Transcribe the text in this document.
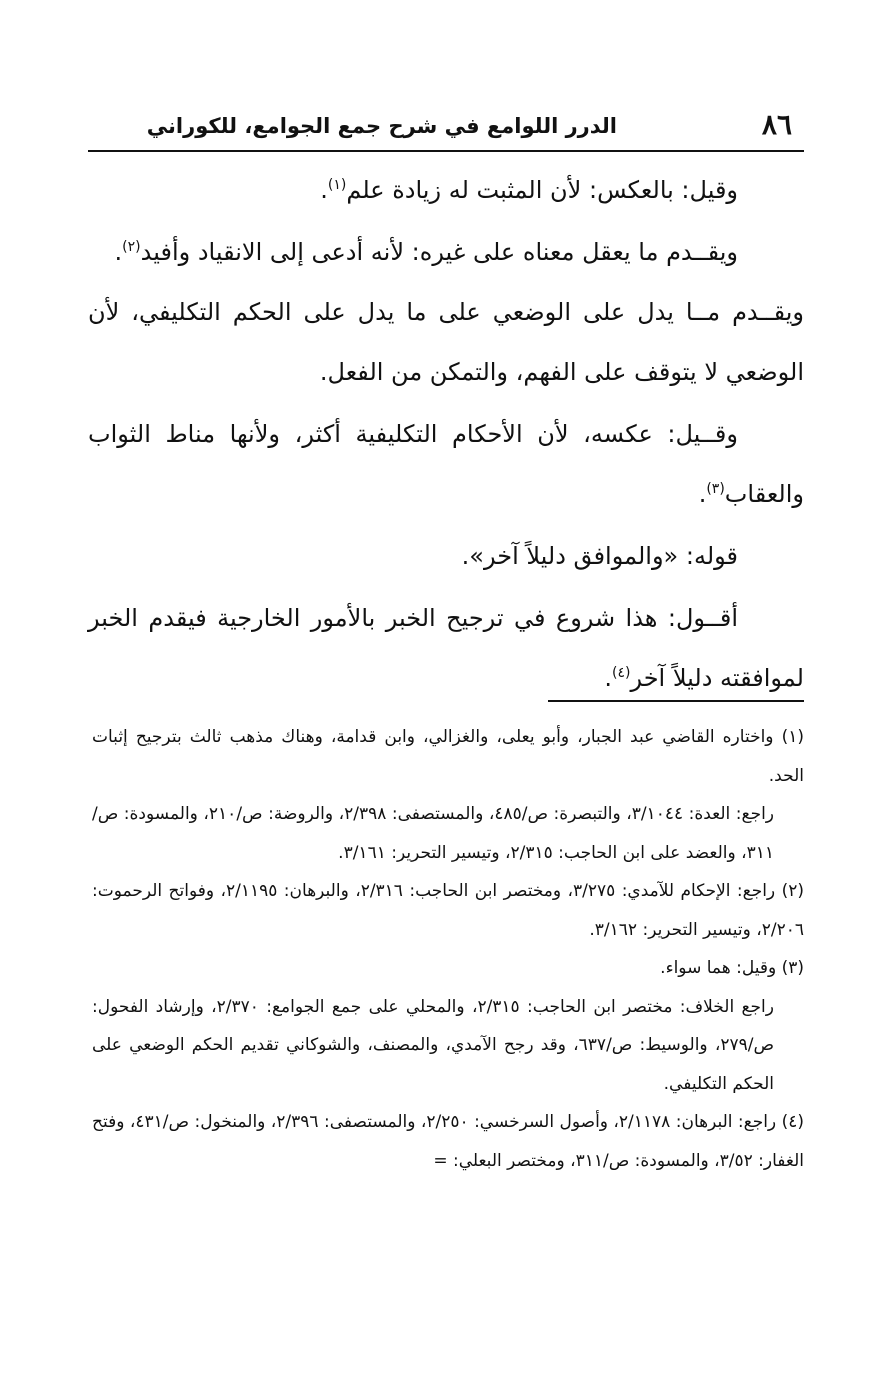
٨٦
الدرر اللوامع في شرح جمع الجوامع، للكوراني

وقيل: بالعكس: لأن المثبت له زيادة علم$^{(١)}$.

ويقــدم ما يعقل معناه على غيره: لأنه أدعى إلى الانقياد وأفيد$^{(٢)}$.

ويقــدم مــا يدل على الوضعي على ما يدل على الحكم التكليفي، لأن الوضعي لا يتوقف على الفهم، والتمكن من الفعل.

وقــيل: عكسه، لأن الأحكام التكليفية أكثر، ولأنها مناط الثواب والعقاب$^{(٣)}$.

قوله: «والموافق دليلاً آخر».

أقــول: هذا شروع في ترجيح الخبر بالأمور الخارجية فيقدم الخبر لموافقته دليلاً آخر$^{(٤)}$.

(١) واختاره القاضي عبد الجبار، وأبو يعلى، والغزالي، وابن قدامة، وهناك مذهب ثالث بترجيح إثبات الحد.

راجع: العدة: ٣/١٠٤٤، والتبصرة: ص/٤٨٥، والمستصفى: ٢/٣٩٨، والروضة: ص/٢١٠، والمسودة: ص/٣١١، والعضد على ابن الحاجب: ٢/٣١٥، وتيسير التحرير: ٣/١٦١.

(٢) راجع: الإحكام للآمدي: ٣/٢٧٥، ومختصر ابن الحاجب: ٢/٣١٦، والبرهان: ٢/١١٩٥، وفواتح الرحموت: ٢/٢٠٦، وتيسير التحرير: ٣/١٦٢.

(٣) وقيل: هما سواء.

راجع الخلاف: مختصر ابن الحاجب: ٢/٣١٥، والمحلي على جمع الجوامع: ٢/٣٧٠، وإرشاد الفحول: ص/٢٧٩، والوسيط: ص/٦٣٧، وقد رجح الآمدي، والمصنف، والشوكاني تقديم الحكم الوضعي على الحكم التكليفي.

(٤) راجع: البرهان: ٢/١١٧٨، وأصول السرخسي: ٢/٢٥٠، والمستصفى: ٢/٣٩٦، والمنخول: ص/٤٣١، وفتح الغفار: ٣/٥٢، والمسودة: ص/٣١١، ومختصر البعلي: =
